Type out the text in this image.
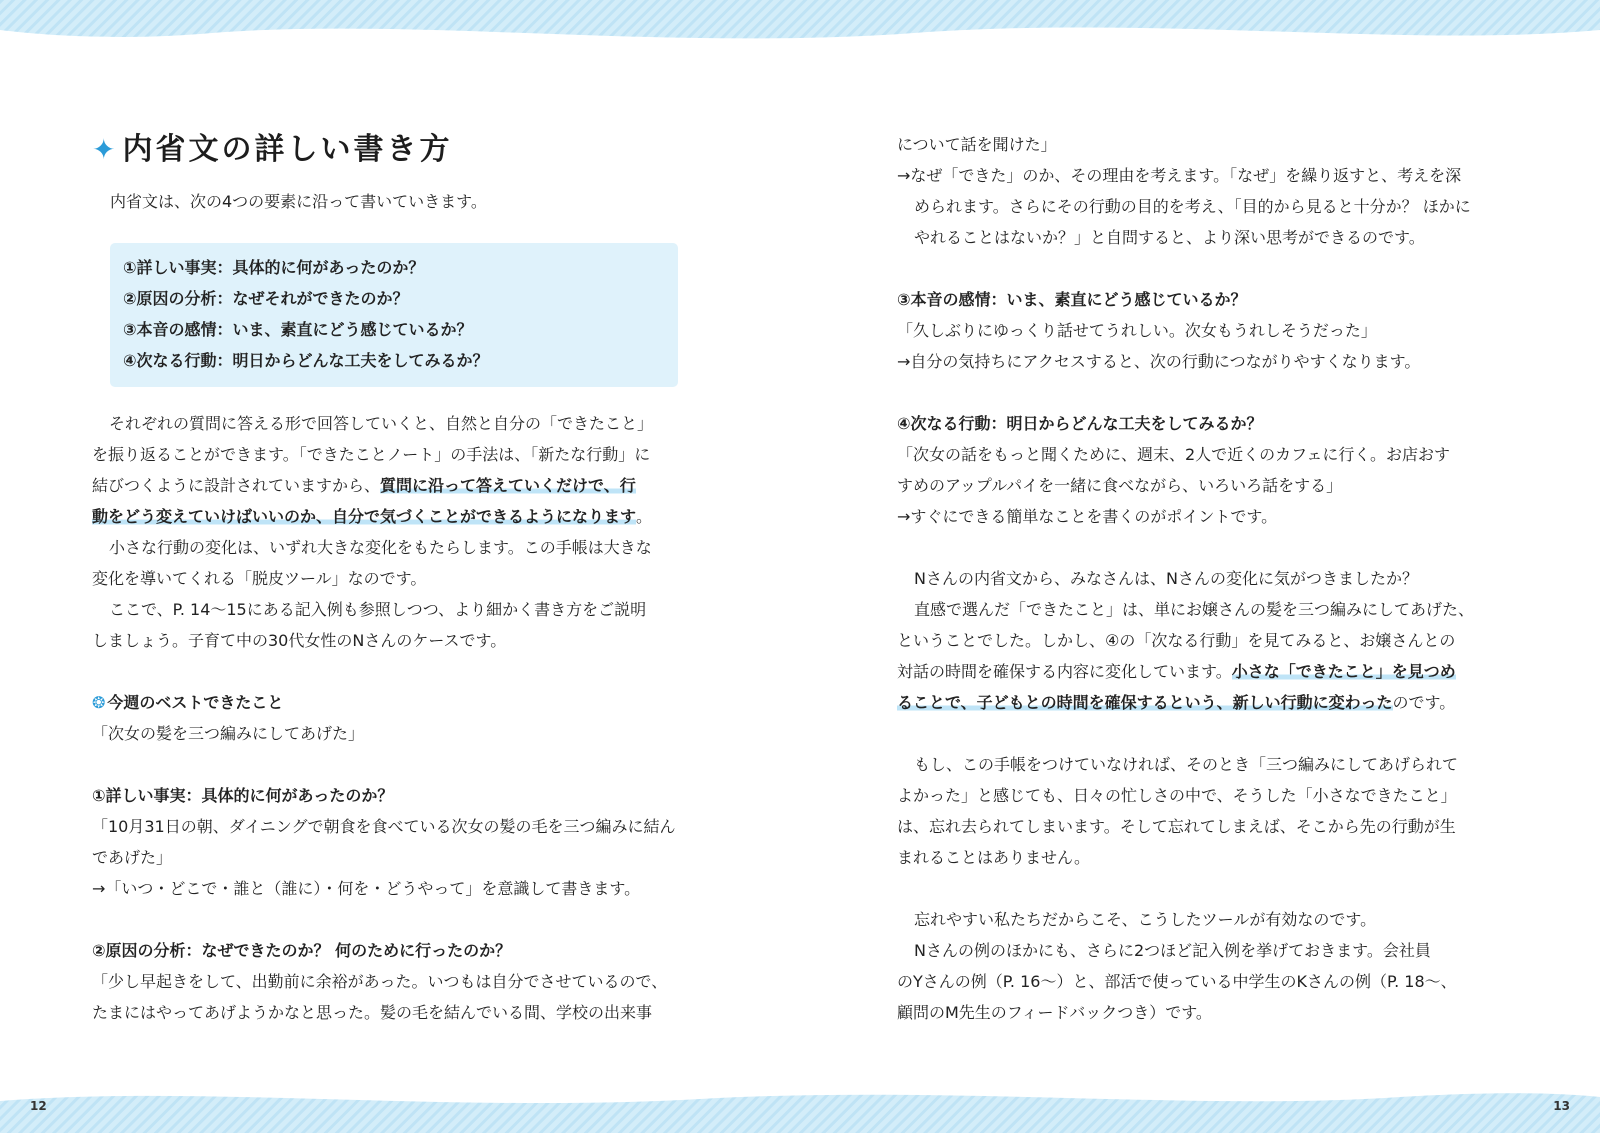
✦ 内省文の詳しい書き方
内省文は、次の4つの要素に沿って書いていきます。
①詳しい事実：具体的に何があったのか？
②原因の分析：なぜそれができたのか？
③本音の感情：いま、素直にどう感じているか？
④次なる行動：明日からどんな工夫をしてみるか？
それぞれの質問に答える形で回答していくと、自然と自分の「できたこと」
を振り返ることができます。「できたことノート」の手法は、「新たな行動」に
結びつくように設計されていますから、質問に沿って答えていくだけで、行
動をどう変えていけばいいのか、自分で気づくことができるようになります。
小さな行動の変化は、いずれ大きな変化をもたらします。この手帳は大きな
変化を導いてくれる「脱皮ツール」なのです。
ここで、P. 14〜15にある記入例も参照しつつ、より細かく書き方をご説明
しましょう。子育て中の30代女性のNさんのケースです。
❂ 今週のベストできたこと
「次女の髪を三つ編みにしてあげた」
①詳しい事実：具体的に何があったのか？
「10月31日の朝、ダイニングで朝食を食べている次女の髪の毛を三つ編みに結ん
であげた」
→「いつ・どこで・誰と（誰に）・何を・どうやって」を意識して書きます。
②原因の分析：なぜできたのか？ 何のために行ったのか？
「少し早起きをして、出勤前に余裕があった。いつもは自分でさせているので、
たまにはやってあげようかなと思った。髪の毛を結んでいる間、学校の出来事
12
について話を聞けた」
→なぜ「できた」のか、その理由を考えます。「なぜ」を繰り返すと、考えを深
められます。さらにその行動の目的を考え、「目的から見ると十分か？ ほかに
やれることはないか？」と自問すると、より深い思考ができるのです。
③本音の感情：いま、素直にどう感じているか？
「久しぶりにゆっくり話せてうれしい。次女もうれしそうだった」
→自分の気持ちにアクセスすると、次の行動につながりやすくなります。
④次なる行動：明日からどんな工夫をしてみるか？
「次女の話をもっと聞くために、週末、2人で近くのカフェに行く。お店おす
すめのアップルパイを一緒に食べながら、いろいろ話をする」
→すぐにできる簡単なことを書くのがポイントです。
Nさんの内省文から、みなさんは、Nさんの変化に気がつきましたか？
直感で選んだ「できたこと」は、単にお嬢さんの髪を三つ編みにしてあげた、
ということでした。しかし、④の「次なる行動」を見てみると、お嬢さんとの
対話の時間を確保する内容に変化しています。小さな「できたこと」を見つめ
ることで、子どもとの時間を確保するという、新しい行動に変わったのです。
もし、この手帳をつけていなければ、そのとき「三つ編みにしてあげられて
よかった」と感じても、日々の忙しさの中で、そうした「小さなできたこと」
は、忘れ去られてしまいます。そして忘れてしまえば、そこから先の行動が生
まれることはありません。
忘れやすい私たちだからこそ、こうしたツールが有効なのです。
Nさんの例のほかにも、さらに2つほど記入例を挙げておきます。会社員
のYさんの例（P. 16〜）と、部活で使っている中学生のKさんの例（P. 18〜、
顧問のM先生のフィードバックつき）です。
13
